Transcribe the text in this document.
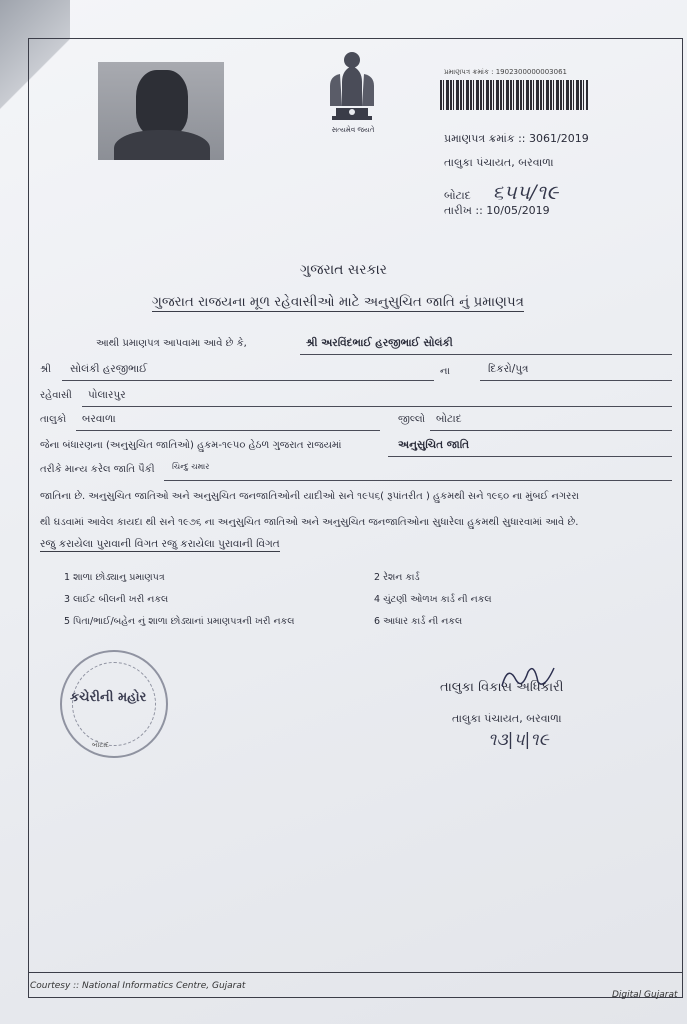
સત્યમેવ જયતે
પ્રમાણપત્ર ક્રમાંક : 1902300000003061
પ્રમાણપત્ર ક્રમાંક :: 3061/2019
તાલુકા પંચાયત, બરવાળા
બોટાદ ૬૫૫/૧૯
તારીખ :: 10/05/2019
ગુજરાત સરકાર
ગુજરાત રાજયના મૂળ રહેવાસીઓ માટે અનુસુચિત જાતિ નું પ્રમાણપત્ર
આથી પ્રમાણપત્ર આપવામા આવે છે કે,	શ્રી અરવિંદભાઈ હરજીભાઈ સોલંકી
શ્રી સોલંકી હરજીભાઈ	ના	દિકરો/પુત્ર
રહેવાસી પોલારપુર
તાલુકો બરવાળા	જીલ્લો બોટાદ
જેના બંધારણના (અનુસુચિત જાતિઓ) હુકમ-૧૯૫૦ હેઠળ ગુજરાત રાજયમાં	અનુસુચિત જાતિ
તરીકે માન્ય કરેલ જાતિ પૈકી ચિન્દુ ચમાર
જાતિના છે. અનુસુચિત જાતિઓ અને અનુસુચિત જનજાતિઓની યાદીઓ સને ૧૯૫૬( રૂપાંતરીત ) હુકમથી સને ૧૯૬૦ ના મુંબઈ નગરરા
થી ઘડવામાં આવેલ કાયદા થી સને ૧૯૭૬ ના અનુસુચિત જાતિઓ અને અનુસુચિત જનજાતિઓના સુધારેલા હુકમથી સુધારવામાં આવે છે.
રજુ કરાયેલા પુરાવાની વિગત રજુ કરાયેલા પુરાવાની વિગત
1 શાળા છોડ્યાનુ પ્રમાણપત્ર	2 રેશન કાર્ડ
3 લાઈટ બીલની ખરી નકલ	4 ચુંટણી ઓળખ કાર્ડ ની નકલ
5 પિતા/ભાઈ/બહેન નું શાળા છોડ્યાનાં પ્રમાણપત્રની ખરી નકલ	6 આધાર કાર્ડ ની નકલ
કચેરીની મહોર
બોટાદ
તાલુકા વિકાસ અધિકારી
તાલુકા પંચાયત, બરવાળા
૧૩|૫|૧૯
Courtesy :: National Informatics Centre, Gujarat
Digital Gujarat
